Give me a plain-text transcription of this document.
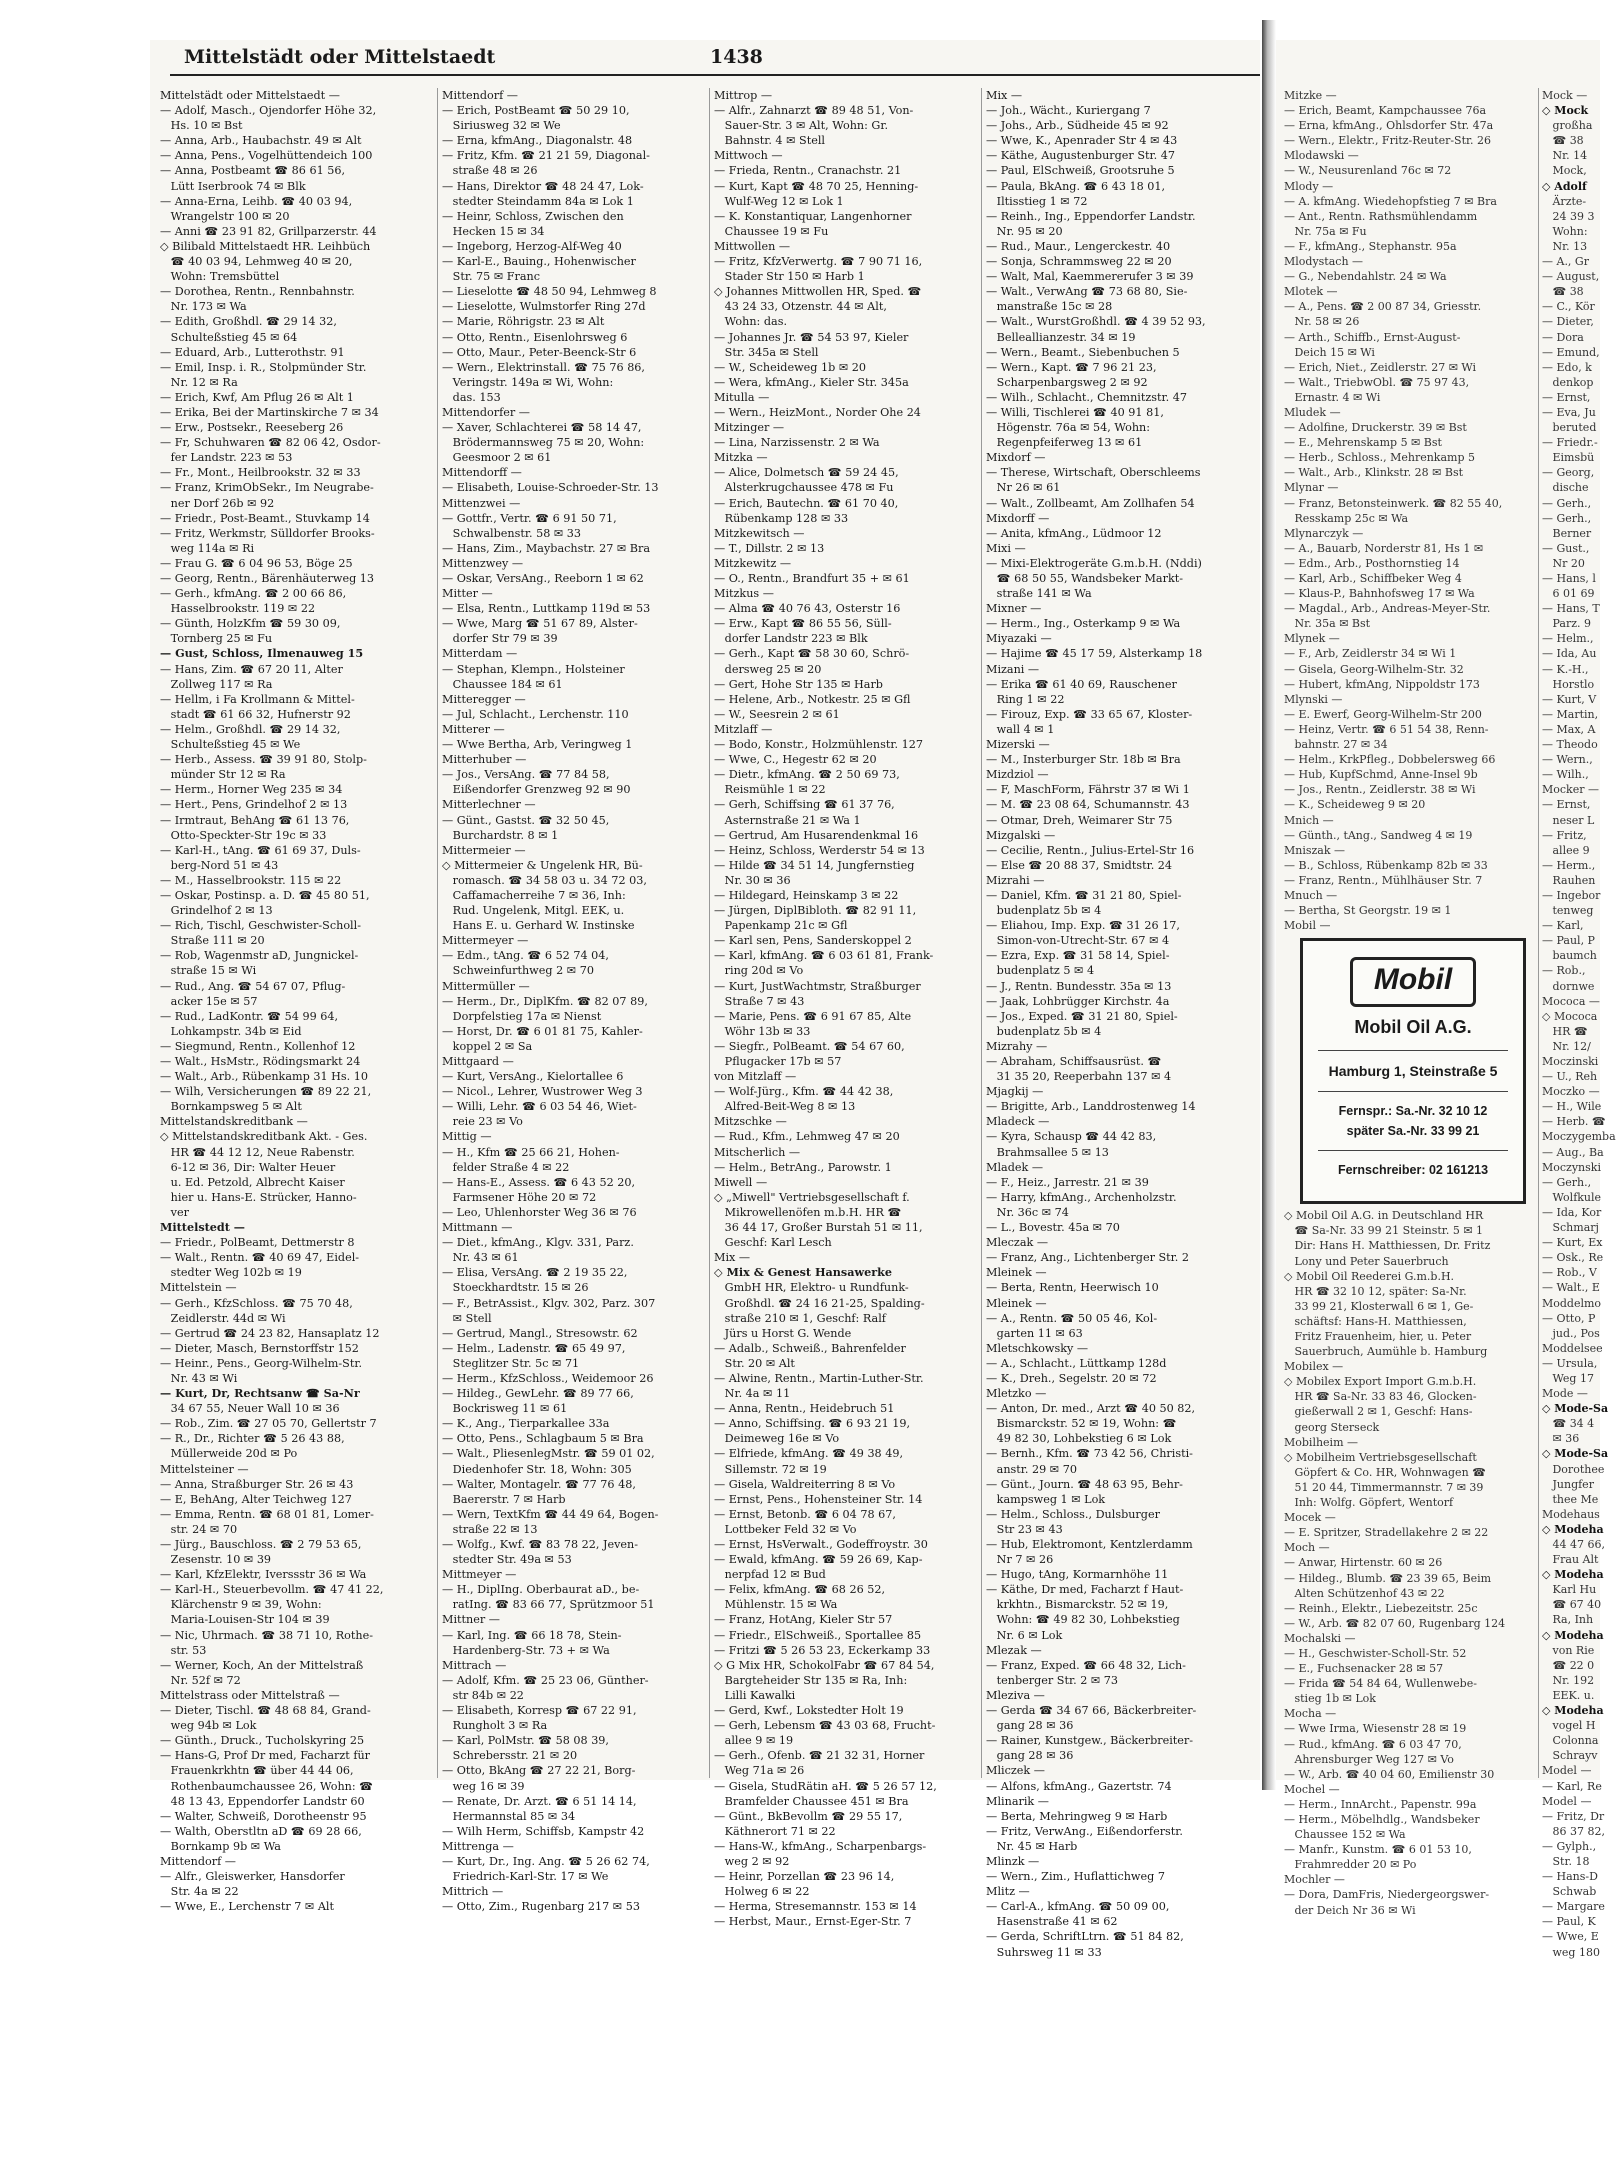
Mittelstädt oder Mittelstaedt	1438
Mittelstädt oder Mittelstaedt —
— Adolf, Masch., Ojendorfer Höhe 32,
Hs. 10 ✉ Bst
— Anna, Arb., Haubachstr. 49 ✉ Alt
— Anna, Pens., Vogelhüttendeich 100
— Anna, Postbeamt ☎ 86 61 56,
Lütt Iserbrook 74 ✉ Blk
— Anna-Erna, Leihb. ☎ 40 03 94,
Wrangelstr 100 ✉ 20
— Anni ☎ 23 91 82, Grillparzerstr. 44
◇ Bilibald Mittelstaedt HR. Leihbüch
☎ 40 03 94, Lehmweg 40 ✉ 20,
Wohn: Tremsbüttel
— Dorothea, Rentn., Rennbahnstr.
Nr. 173 ✉ Wa
— Edith, Großhdl. ☎ 29 14 32,
Schulteßstieg 45 ✉ 64
— Eduard, Arb., Lutterothstr. 91
— Emil, Insp. i. R., Stolpmünder Str.
Nr. 12 ✉ Ra
— Erich, Kwf, Am Pflug 26 ✉ Alt 1
— Erika, Bei der Martinskirche 7 ✉ 34
— Erw., Postsekr., Reeseberg 26
— Fr, Schuhwaren ☎ 82 06 42, Osdor-
fer Landstr. 223 ✉ 53
— Fr., Mont., Heilbrookstr. 32 ✉ 33
— Franz, KrimObSekr., Im Neugrabe-
ner Dorf 26b ✉ 92
— Friedr., Post-Beamt., Stuvkamp 14
— Fritz, Werkmstr, Sülldorfer Brooks-
weg 114a ✉ Ri
— Frau G. ☎ 6 04 96 53, Böge 25
— Georg, Rentn., Bärenhäuterweg 13
— Gerh., kfmAng. ☎ 2 00 66 86,
Hasselbrookstr. 119 ✉ 22
— Günth, HolzKfm ☎ 59 30 09,
Tornberg 25 ✉ Fu
— Gust, Schloss, Ilmenauweg 15
— Hans, Zim. ☎ 67 20 11, Alter
Zollweg 117 ✉ Ra
— Hellm, i Fa Krollmann & Mittel-
stadt ☎ 61 66 32, Hufnerstr 92
— Helm., Großhdl. ☎ 29 14 32,
Schulteßstieg 45 ✉ We
— Herb., Assess. ☎ 39 91 80, Stolp-
münder Str 12 ✉ Ra
— Herm., Horner Weg 235 ✉ 34
— Hert., Pens, Grindelhof 2 ✉ 13
— Irmtraut, BehAng ☎ 61 13 76,
Otto-Speckter-Str 19c ✉ 33
— Karl-H., tAng. ☎ 61 69 37, Duls-
berg-Nord 51 ✉ 43
— M., Hasselbrookstr. 115 ✉ 22
— Oskar, Postinsp. a. D. ☎ 45 80 51,
Grindelhof 2 ✉ 13
— Rich, Tischl, Geschwister-Scholl-
Straße 111 ✉ 20
— Rob, Wagenmstr aD, Jungnickel-
straße 15 ✉ Wi
— Rud., Ang. ☎ 54 67 07, Pflug-
acker 15e ✉ 57
— Rud., LadKontr. ☎ 54 99 64,
Lohkampstr. 34b ✉ Eid
— Siegmund, Rentn., Kollenhof 12
— Walt., HsMstr., Rödingsmarkt 24
— Walt., Arb., Rübenkamp 31 Hs. 10
— Wilh, Versicherungen ☎ 89 22 21,
Bornkampsweg 5 ✉ Alt
Mittelstandskreditbank —
◇ Mittelstandskreditbank Akt. - Ges.
HR ☎ 44 12 12, Neue Rabenstr.
6-12 ✉ 36, Dir: Walter Heuer
u. Ed. Petzold, Albrecht Kaiser
hier u. Hans-E. Strücker, Hanno-
ver
Mittelstedt —
— Friedr., PolBeamt, Dettmerstr 8
— Walt., Rentn. ☎ 40 69 47, Eidel-
stedter Weg 102b ✉ 19
Mittelstein —
— Gerh., KfzSchloss. ☎ 75 70 48,
Zeidlerstr. 44d ✉ Wi
— Gertrud ☎ 24 23 82, Hansaplatz 12
— Dieter, Masch, Bernstorffstr 152
— Heinr., Pens., Georg-Wilhelm-Str.
Nr. 43 ✉ Wi
— Kurt, Dr, Rechtsanw ☎ Sa-Nr
34 67 55, Neuer Wall 10 ✉ 36
— Rob., Zim. ☎ 27 05 70, Gellertstr 7
— R., Dr., Richter ☎ 5 26 43 88,
Müllerweide 20d ✉ Po
Mittelsteiner —
— Anna, Straßburger Str. 26 ✉ 43
— E, BehAng, Alter Teichweg 127
— Emma, Rentn. ☎ 68 01 81, Lomer-
str. 24 ✉ 70
— Jürg., Bauschloss. ☎ 2 79 53 65,
Zesenstr. 10 ✉ 39
— Karl, KfzElektr, Iverssstr 36 ✉ Wa
— Karl-H., Steuerbevollm. ☎ 47 41 22,
Klärchenstr 9 ✉ 39, Wohn:
Maria-Louisen-Str 104 ✉ 39
— Nic, Uhrmach. ☎ 38 71 10, Rothe-
str. 53
— Werner, Koch, An der Mittelstraß
Nr. 52f ✉ 72
Mittelstrass oder Mittelstraß —
— Dieter, Tischl. ☎ 48 68 84, Grand-
weg 94b ✉ Lok
— Günth., Druck., Tucholskyring 25
— Hans-G, Prof Dr med, Facharzt für
Frauenkrkhtn ☎ über 44 44 06,
Rothenbaumchaussee 26, Wohn: ☎
48 13 43, Eppendorfer Landstr 60
— Walter, Schweiß, Dorotheenstr 95
— Walth, Oberstltn aD ☎ 69 28 66,
Bornkamp 9b ✉ Wa
Mittendorf —
— Alfr., Gleiswerker, Hansdorfer
Str. 4a ✉ 22
— Wwe, E., Lerchenstr 7 ✉ Alt
Mittendorf —
— Erich, PostBeamt ☎ 50 29 10,
Siriusweg 32 ✉ We
— Erna, kfmAng., Diagonalstr. 48
— Fritz, Kfm. ☎ 21 21 59, Diagonal-
straße 48 ✉ 26
— Hans, Direktor ☎ 48 24 47, Lok-
stedter Steindamm 84a ✉ Lok 1
— Heinr, Schloss, Zwischen den
Hecken 15 ✉ 34
— Ingeborg, Herzog-Alf-Weg 40
— Karl-E., Bauing., Hohenwischer
Str. 75 ✉ Franc
— Lieselotte ☎ 48 50 94, Lehmweg 8
— Lieselotte, Wulmstorfer Ring 27d
— Marie, Röhrigstr. 23 ✉ Alt
— Otto, Rentn., Eisenlohrsweg 6
— Otto, Maur., Peter-Beenck-Str 6
— Wern., Elektrinstall. ☎ 75 76 86,
Veringstr. 149a ✉ Wi, Wohn:
das. 153
Mittendorfer —
— Xaver, Schlachterei ☎ 58 14 47,
Brödermannsweg 75 ✉ 20, Wohn:
Geesmoor 2 ✉ 61
Mittendorff —
— Elisabeth, Louise-Schroeder-Str. 13
Mittenzwei —
— Gottfr., Vertr. ☎ 6 91 50 71,
Schwalbenstr. 58 ✉ 33
— Hans, Zim., Maybachstr. 27 ✉ Bra
Mittenzwey —
— Oskar, VersAng., Reeborn 1 ✉ 62
Mitter —
— Elsa, Rentn., Luttkamp 119d ✉ 53
— Wwe, Marg ☎ 51 67 89, Alster-
dorfer Str 79 ✉ 39
Mitterdam —
— Stephan, Klempn., Holsteiner
Chaussee 184 ✉ 61
Mitteregger —
— Jul, Schlacht., Lerchenstr. 110
Mitterer —
— Wwe Bertha, Arb, Veringweg 1
Mitterhuber —
— Jos., VersAng. ☎ 77 84 58,
Eißendorfer Grenzweg 92 ✉ 90
Mitterlechner —
— Günt., Gastst. ☎ 32 50 45,
Burchardstr. 8 ✉ 1
Mittermeier —
◇ Mittermeier & Ungelenk HR, Bü-
romasch. ☎ 34 58 03 u. 34 72 03,
Caffamacherreihe 7 ✉ 36, Inh:
Rud. Ungelenk, Mitgl. EEK, u.
Hans E. u. Gerhard W. Instinske
Mittermeyer —
— Edm., tAng. ☎ 6 52 74 04,
Schweinfurthweg 2 ✉ 70
Mittermüller —
— Herm., Dr., DiplKfm. ☎ 82 07 89,
Dorpfelstieg 17a ✉ Nienst
— Horst, Dr. ☎ 6 01 81 75, Kahler-
koppel 2 ✉ Sa
Mittgaard —
— Kurt, VersAng., Kielortallee 6
— Nicol., Lehrer, Wustrower Weg 3
— Willi, Lehr. ☎ 6 03 54 46, Wiet-
reie 23 ✉ Vo
Mittig —
— H., Kfm ☎ 25 66 21, Hohen-
felder Straße 4 ✉ 22
— Hans-E., Assess. ☎ 6 43 52 20,
Farmsener Höhe 20 ✉ 72
— Leo, Uhlenhorster Weg 36 ✉ 76
Mittmann —
— Diet., kfmAng., Klgv. 331, Parz.
Nr. 43 ✉ 61
— Elisa, VersAng. ☎ 2 19 35 22,
Stoeckhardtstr. 15 ✉ 26
— F., BetrAssist., Klgv. 302, Parz. 307
✉ Stell
— Gertrud, Mangl., Stresowstr. 62
— Helm., Ladenstr. ☎ 65 49 97,
Steglitzer Str. 5c ✉ 71
— Herm., KfzSchloss., Weidemoor 26
— Hildeg., GewLehr. ☎ 89 77 66,
Bockrisweg 11 ✉ 61
— K., Ang., Tierparkallee 33a
— Otto, Pens., Schlagbaum 5 ✉ Bra
— Walt., PliesenlegMstr. ☎ 59 01 02,
Diedenhofer Str. 18, Wohn: 305
— Walter, Montagelr. ☎ 77 76 48,
Baererstr. 7 ✉ Harb
— Wern, TextKfm ☎ 44 49 64, Bogen-
straße 22 ✉ 13
— Wolfg., Kwf. ☎ 83 78 22, Jeven-
stedter Str. 49a ✉ 53
Mittmeyer —
— H., DiplIng. Oberbaurat aD., be-
ratIng. ☎ 83 66 77, Sprützmoor 51
Mittner —
— Karl, Ing. ☎ 66 18 78, Stein-
Hardenberg-Str. 73 + ✉ Wa
Mittrach —
— Adolf, Kfm. ☎ 25 23 06, Günther-
str 84b ✉ 22
— Elisabeth, Korresp ☎ 67 22 91,
Rungholt 3 ✉ Ra
— Karl, PolMstr. ☎ 58 08 39,
Schrebersstr. 21 ✉ 20
— Otto, BkAng ☎ 27 22 21, Borg-
weg 16 ✉ 39
— Renate, Dr. Arzt. ☎ 6 51 14 14,
Hermannstal 85 ✉ 34
— Wilh Herm, Schiffsb, Kampstr 42
Mittrenga —
— Kurt, Dr., Ing. Ang. ☎ 5 26 62 74,
Friedrich-Karl-Str. 17 ✉ We
Mittrich —
— Otto, Zim., Rugenbarg 217 ✉ 53
Mittrop —
— Alfr., Zahnarzt ☎ 89 48 51, Von-
Sauer-Str. 3 ✉ Alt, Wohn: Gr.
Bahnstr. 4 ✉ Stell
Mittwoch —
— Frieda, Rentn., Cranachstr. 21
— Kurt, Kapt ☎ 48 70 25, Henning-
Wulf-Weg 12 ✉ Lok 1
— K. Konstantiquar, Langenhorner
Chaussee 19 ✉ Fu
Mittwollen —
— Fritz, KfzVerwertg. ☎ 7 90 71 16,
Stader Str 150 ✉ Harb 1
◇ Johannes Mittwollen HR, Sped. ☎
43 24 33, Otzenstr. 44 ✉ Alt,
Wohn: das.
— Johannes Jr. ☎ 54 53 97, Kieler
Str. 345a ✉ Stell
— W., Scheideweg 1b ✉ 20
— Wera, kfmAng., Kieler Str. 345a
Mitulla —
— Wern., HeizMont., Norder Ohe 24
Mitzinger —
— Lina, Narzissenstr. 2 ✉ Wa
Mitzka —
— Alice, Dolmetsch ☎ 59 24 45,
Alsterkrugchaussee 478 ✉ Fu
— Erich, Bautechn. ☎ 61 70 40,
Rübenkamp 128 ✉ 33
Mitzkewitsch —
— T., Dillstr. 2 ✉ 13
Mitzkewitz —
— O., Rentn., Brandfurt 35 + ✉ 61
Mitzkus —
— Alma ☎ 40 76 43, Osterstr 16
— Erw., Kapt ☎ 86 55 56, Süll-
dorfer Landstr 223 ✉ Blk
— Gerh., Kapt ☎ 58 30 60, Schrö-
dersweg 25 ✉ 20
— Gert, Hohe Str 135 ✉ Harb
— Helene, Arb., Notkestr. 25 ✉ Gfl
— W., Seesrein 2 ✉ 61
Mitzlaff —
— Bodo, Konstr., Holzmühlenstr. 127
— Wwe, C., Hegestr 62 ✉ 20
— Dietr., kfmAng. ☎ 2 50 69 73,
Reismühle 1 ✉ 22
— Gerh, Schiffsing ☎ 61 37 76,
Asternstraße 21 ✉ Wa 1
— Gertrud, Am Husarendenkmal 16
— Heinz, Schloss, Werderstr 54 ✉ 13
— Hilde ☎ 34 51 14, Jungfernstieg
Nr. 30 ✉ 36
— Hildegard, Heinskamp 3 ✉ 22
— Jürgen, DiplBibloth. ☎ 82 91 11,
Papenkamp 21c ✉ Gfl
— Karl sen, Pens, Sanderskoppel 2
— Karl, kfmAng. ☎ 6 03 61 81, Frank-
ring 20d ✉ Vo
— Kurt, JustWachtmstr, Straßburger
Straße 7 ✉ 43
— Marie, Pens. ☎ 6 91 67 85, Alte
Wöhr 13b ✉ 33
— Siegfr., PolBeamt. ☎ 54 67 60,
Pflugacker 17b ✉ 57
von Mitzlaff —
— Wolf-Jürg., Kfm. ☎ 44 42 38,
Alfred-Beit-Weg 8 ✉ 13
Mitzschke —
— Rud., Kfm., Lehmweg 47 ✉ 20
Mitscherlich —
— Helm., BetrAng., Parowstr. 1
Miwell —
◇ „Miwell" Vertriebsgesellschaft f.
Mikrowellenöfen m.b.H. HR ☎
36 44 17, Großer Burstah 51 ✉ 11,
Geschf: Karl Lesch
Mix —
◇ Mix & Genest Hansawerke
GmbH HR, Elektro- u Rundfunk-
Großhdl. ☎ 24 16 21-25, Spalding-
straße 210 ✉ 1, Geschf: Ralf
Jürs u Horst G. Wende
— Adalb., Schweiß., Bahrenfelder
Str. 20 ✉ Alt
— Alwine, Rentn., Martin-Luther-Str.
Nr. 4a ✉ 11
— Anna, Rentn., Heidebruch 51
— Anno, Schiffsing. ☎ 6 93 21 19,
Deimeweg 16e ✉ Vo
— Elfriede, kfmAng. ☎ 49 38 49,
Sillemstr. 72 ✉ 19
— Gisela, Waldreiterring 8 ✉ Vo
— Ernst, Pens., Hohensteiner Str. 14
— Ernst, Betonb. ☎ 6 04 78 67,
Lottbeker Feld 32 ✉ Vo
— Ernst, HsVerwalt., Godeffroystr. 30
— Ewald, kfmAng. ☎ 59 26 69, Kap-
nerpfad 12 ✉ Bud
— Felix, kfmAng. ☎ 68 26 52,
Mühlenstr. 15 ✉ Wa
— Franz, HotAng, Kieler Str 57
— Friedr., ElSchweiß., Sportallee 85
— Fritzi ☎ 5 26 53 23, Eckerkamp 33
◇ G Mix HR, SchokolFabr ☎ 67 84 54,
Bargteheider Str 135 ✉ Ra, Inh:
Lilli Kawalki
— Gerd, Kwf., Lokstedter Holt 19
— Gerh, Lebensm ☎ 43 03 68, Frucht-
allee 9 ✉ 19
— Gerh., Ofenb. ☎ 21 32 31, Horner
Weg 71a ✉ 26
— Gisela, StudRätin aH. ☎ 5 26 57 12,
Bramfelder Chaussee 451 ✉ Bra
— Günt., BkBevollm ☎ 29 55 17,
Käthnerort 71 ✉ 22
— Hans-W., kfmAng., Scharpenbargs-
weg 2 ✉ 92
— Heinr, Porzellan ☎ 23 96 14,
Holweg 6 ✉ 22
— Herma, Stresemannstr. 153 ✉ 14
— Herbst, Maur., Ernst-Eger-Str. 7
Mix —
— Joh., Wächt., Kuriergang 7
— Johs., Arb., Südheide 45 ✉ 92
— Wwe, K., Apenrader Str 4 ✉ 43
— Käthe, Augustenburger Str. 47
— Paul, ElSchweiß, Grootsruhe 5
— Paula, BkAng. ☎ 6 43 18 01,
Iltisstieg 1 ✉ 72
— Reinh., Ing., Eppendorfer Landstr.
Nr. 95 ✉ 20
— Rud., Maur., Lengerckestr. 40
— Sonja, Schrammsweg 22 ✉ 20
— Walt, Mal, Kaemmererufer 3 ✉ 39
— Walt., VerwAng ☎ 73 68 80, Sie-
manstraße 15c ✉ 28
— Walt., WurstGroßhdl. ☎ 4 39 52 93,
Belleallianzestr. 34 ✉ 19
— Wern., Beamt., Siebenbuchen 5
— Wern., Kapt. ☎ 7 96 21 23,
Scharpenbargsweg 2 ✉ 92
— Wilh., Schlacht., Chemnitzstr. 47
— Willi, Tischlerei ☎ 40 91 81,
Högenstr. 76a ✉ 54, Wohn:
Regenpfeiferweg 13 ✉ 61
Mixdorf —
— Therese, Wirtschaft, Oberschleems
Nr 26 ✉ 61
— Walt., Zollbeamt, Am Zollhafen 54
Mixdorff —
— Anita, kfmAng., Lüdmoor 12
Mixi —
— Mixi-Elektrogeräte G.m.b.H. (Nddi)
☎ 68 50 55, Wandsbeker Markt-
straße 141 ✉ Wa
Mixner —
— Herm., Ing., Osterkamp 9 ✉ Wa
Miyazaki —
— Hajime ☎ 45 17 59, Alsterkamp 18
Mizani —
— Erika ☎ 61 40 69, Rauschener
Ring 1 ✉ 22
— Firouz, Exp. ☎ 33 65 67, Kloster-
wall 4 ✉ 1
Mizerski —
— M., Insterburger Str. 18b ✉ Bra
Mizdziol —
— F, MaschForm, Fährstr 37 ✉ Wi 1
— M. ☎ 23 08 64, Schumannstr. 43
— Otmar, Dreh, Weimarer Str 75
Mizgalski —
— Cecilie, Rentn., Julius-Ertel-Str 16
— Else ☎ 20 88 37, Smidtstr. 24
Mizrahi —
— Daniel, Kfm. ☎ 31 21 80, Spiel-
budenplatz 5b ✉ 4
— Eliahou, Imp. Exp. ☎ 31 26 17,
Simon-von-Utrecht-Str. 67 ✉ 4
— Ezra, Exp. ☎ 31 58 14, Spiel-
budenplatz 5 ✉ 4
— J., Rentn. Bundesstr. 35a ✉ 13
— Jaak, Lohbrügger Kirchstr. 4a
— Jos., Exped. ☎ 31 21 80, Spiel-
budenplatz 5b ✉ 4
Mizrahy —
— Abraham, Schiffsausrüst. ☎
31 35 20, Reeperbahn 137 ✉ 4
Mjagkij —
— Brigitte, Arb., Landdrostenweg 14
Mladeck —
— Kyra, Schausp ☎ 44 42 83,
Brahmsallee 5 ✉ 13
Mladek —
— F., Heiz., Jarrestr. 21 ✉ 39
— Harry, kfmAng., Archenholzstr.
Nr. 36c ✉ 74
— L., Bovestr. 45a ✉ 70
Mleczak —
— Franz, Ang., Lichtenberger Str. 2
Mleinek —
— Berta, Rentn, Heerwisch 10
Mleinek —
— A., Rentn. ☎ 50 05 46, Kol-
garten 11 ✉ 63
Mletschkowsky —
— A., Schlacht., Lüttkamp 128d
— K., Dreh., Segelstr. 20 ✉ 72
Mletzko —
— Anton, Dr. med., Arzt ☎ 40 50 82,
Bismarckstr. 52 ✉ 19, Wohn: ☎
49 82 30, Lohbekstieg 6 ✉ Lok
— Bernh., Kfm. ☎ 73 42 56, Christi-
anstr. 29 ✉ 70
— Günt., Journ. ☎ 48 63 95, Behr-
kampsweg 1 ✉ Lok
— Helm., Schloss., Dulsburger
Str 23 ✉ 43
— Hub, Elektromont, Kentzlerdamm
Nr 7 ✉ 26
— Hugo, tAng, Kormarnhöhe 11
— Käthe, Dr med, Facharzt f Haut-
krkhtn., Bismarckstr. 52 ✉ 19,
Wohn: ☎ 49 82 30, Lohbekstieg
Nr. 6 ✉ Lok
Mlezak —
— Franz, Exped. ☎ 66 48 32, Lich-
tenberger Str. 2 ✉ 73
Mlezivа —
— Gerda ☎ 34 67 66, Bäckerbreiter-
gang 28 ✉ 36
— Rainer, Kunstgew., Bäckerbreiter-
gang 28 ✉ 36
Mliczek —
— Alfons, kfmAng., Gazertstr. 74
Mlinarik —
— Berta, Mehringweg 9 ✉ Harb
— Fritz, VerwAng., Eißendorferstr.
Nr. 45 ✉ Harb
Mlinzk —
— Wern., Zim., Huflattichweg 7
Mlitz —
— Carl-A., kfmAng. ☎ 50 09 00,
Hasenstraße 41 ✉ 62
— Gerda, SchriftLtrn. ☎ 51 84 82,
Suhrsweg 11 ✉ 33
Mitzke —
— Erich, Beamt, Kampchaussee 76a
— Erna, kfmAng., Ohlsdorfer Str. 47a
— Wern., Elektr., Fritz-Reuter-Str. 26
Mlodawski —
— W., Neusurenland 76c ✉ 72
Mlody —
— A. kfmAng. Wiedehopfstieg 7 ✉ Bra
— Ant., Rentn. Rathsmühlendamm
Nr. 75a ✉ Fu
— F., kfmAng., Stephanstr. 95a
Mlodystach —
— G., Nebendahlstr. 24 ✉ Wa
Mlotek —
— A., Pens. ☎ 2 00 87 34, Griesstr.
Nr. 58 ✉ 26
— Arth., Schiffb., Ernst-August-
Deich 15 ✉ Wi
— Erich, Niet., Zeidlerstr. 27 ✉ Wi
— Walt., TriebwObl. ☎ 75 97 43,
Ernastr. 4 ✉ Wi
Mludek —
— Adolfine, Druckerstr. 39 ✉ Bst
— E., Mehrenskamp 5 ✉ Bst
— Herb., Schloss., Mehrenkamp 5
— Walt., Arb., Klinkstr. 28 ✉ Bst
Mlynar —
— Franz, Betonsteinwerk. ☎ 82 55 40,
Resskamp 25c ✉ Wa
Mlynarczyk —
— A., Bauarb, Norderstr 81, Hs 1 ✉
— Edm., Arb., Posthornstieg 14
— Karl, Arb., Schiffbeker Weg 4
— Klaus-P., Bahnhofsweg 17 ✉ Wa
— Magdal., Arb., Andreas-Meyer-Str.
Nr. 35a ✉ Bst
Mlynek —
— F., Arb, Zeidlerstr 34 ✉ Wi 1
— Gisela, Georg-Wilhelm-Str. 32
— Hubert, kfmAng, Nippoldstr 173
Mlynski —
— E. Ewerf, Georg-Wilhelm-Str 200
— Heinz, Vertr. ☎ 6 51 54 38, Renn-
bahnstr. 27 ✉ 34
— Helm., KrkPfleg., Dobbelersweg 66
— Hub, KupfSchmd, Anne-Insel 9b
— Jos., Rentn., Zeidlerstr. 38 ✉ Wi
— K., Scheideweg 9 ✉ 20
Mnich —
— Günth., tAng., Sandweg 4 ✉ 19
Mniszak —
— B., Schloss, Rübenkamp 82b ✉ 33
— Franz, Rentn., Mühlhäuser Str. 7
Mnuch —
— Bertha, St Georgstr. 19 ✉ 1
Mobil —
◇ Mobil Oil A.G. in Deutschland HR
☎ Sa-Nr. 33 99 21 Steinstr. 5 ✉ 1
Dir: Hans H. Matthiessen, Dr. Fritz
Lony und Peter Sauerbruch
◇ Mobil Oil Reederei G.m.b.H.
HR ☎ 32 10 12, später: Sa-Nr.
33 99 21, Klosterwall 6 ✉ 1, Ge-
schäftsf: Hans-H. Matthiessen,
Fritz Frauenheim, hier, u. Peter
Sauerbruch, Aumühle b. Hamburg
Mobilex —
◇ Mobilex Export Import G.m.b.H.
HR ☎ Sa-Nr. 33 83 46, Glocken-
gießerwall 2 ✉ 1, Geschf: Hans-
georg Sterseck
Mobilheim —
◇ Mobilheim Vertriebsgesellschaft
Göpfert & Co. HR, Wohnwagen ☎
51 20 44, Timmermannstr. 7 ✉ 39
Inh: Wolfg. Göpfert, Wentorf
Mocek —
— E. Spritzer, Stradellakehre 2 ✉ 22
Moch —
— Anwar, Hirtenstr. 60 ✉ 26
— Hildeg., Blumb. ☎ 23 39 65, Beim
Alten Schützenhof 43 ✉ 22
— Reinh., Elektr., Liebezeitstr. 25c
— W., Arb. ☎ 82 07 60, Rugenbarg 124
Mochalski —
— H., Geschwister-Scholl-Str. 52
— E., Fuchsenacker 28 ✉ 57
— Frida ☎ 54 84 64, Wullenwebe-
stieg 1b ✉ Lok
Mocha —
— Wwe Irma, Wiesenstr 28 ✉ 19
— Rud., kfmAng. ☎ 6 03 47 70,
Ahrensburger Weg 127 ✉ Vo
— W., Arb. ☎ 40 04 60, Emilienstr 30
Mochel —
— Herm., InnArcht., Papenstr. 99a
— Herm., Möbelhdlg., Wandsbeker
Chaussee 152 ✉ Wa
— Manfr., Kunstm. ☎ 6 01 53 10,
Frahmredder 20 ✉ Po
Mochler —
— Dora, DamFris, Niedergeorgswer-
der Deich Nr 36 ✉ Wi
Mock —
◇ Mock
großha
☎ 38
Nr. 14
Mock,
◇ Adolf
Ärzte-
24 39 3
Wohn:
Nr. 13
— A., Gr
— August,
☎ 38
— C., Kör
— Dieter,
— Dora
— Emund,
— Edo, k
denkop
— Ernst,
— Eva, Ju
beruted
— Friedr.-
Eimsbü
— Georg,
dische
— Gerh.,
— Gerh.,
Berner
— Gust.,
Nr 20
— Hans, l
6 01 69
— Hans, T
Parz. 9
— Helm.,
— Ida, Au
— K.-H.,
Horstlo
— Kurt, V
— Martin,
— Max, A
— Theodo
— Wern.,
— Wilh.,
Mocker —
— Ernst,
neser L
— Fritz,
allee 9
— Herm.,
Rauhen
— Ingebor
tenweg
— Karl,
— Paul, P
baumch
— Rob.,
dornwe
Mococa —
◇ Mococa
HR ☎
Nr. 12/
Moczinski
— U., Reh
Moczko —
— H., Wile
— Herb. ☎
Moczygemba
— Aug., Ba
Moczynski
— Gerh.,
Wolfkule
— Ida, Kor
Schmarj
— Kurt, Ex
— Osk., Re
— Rob., V
— Walt., E
Moddelmo
— Otto, P
jud., Pos
Moddelsee
— Ursula,
Weg 17
Mode —
◇ Mode-Sa
☎ 34 4
✉ 36
◇ Mode-Sa
Dorothee
Jungfer
thee Me
Modehaus
◇ Modeha
44 47 66,
Frau Alt
◇ Modeha
Karl Hu
☎ 67 40
Ra, Inh
◇ Modeha
von Rie
☎ 22 0
Nr. 192
EEK. u.
◇ Modeha
vogel H
Colonna
Schrayv
Model —
— Karl, Re
Model —
— Fritz, Dr
86 37 82,
— Gylph.,
Str. 18
— Hans-D
Schwab
— Margare
— Paul, K
— Wwe, E
weg 180
Mobil
Mobil Oil A.G.
Hamburg 1, Steinstraße 5
Fernspr.: Sa.-Nr. 32 10 12
später Sa.-Nr. 33 99 21
Fernschreiber: 02 161213
